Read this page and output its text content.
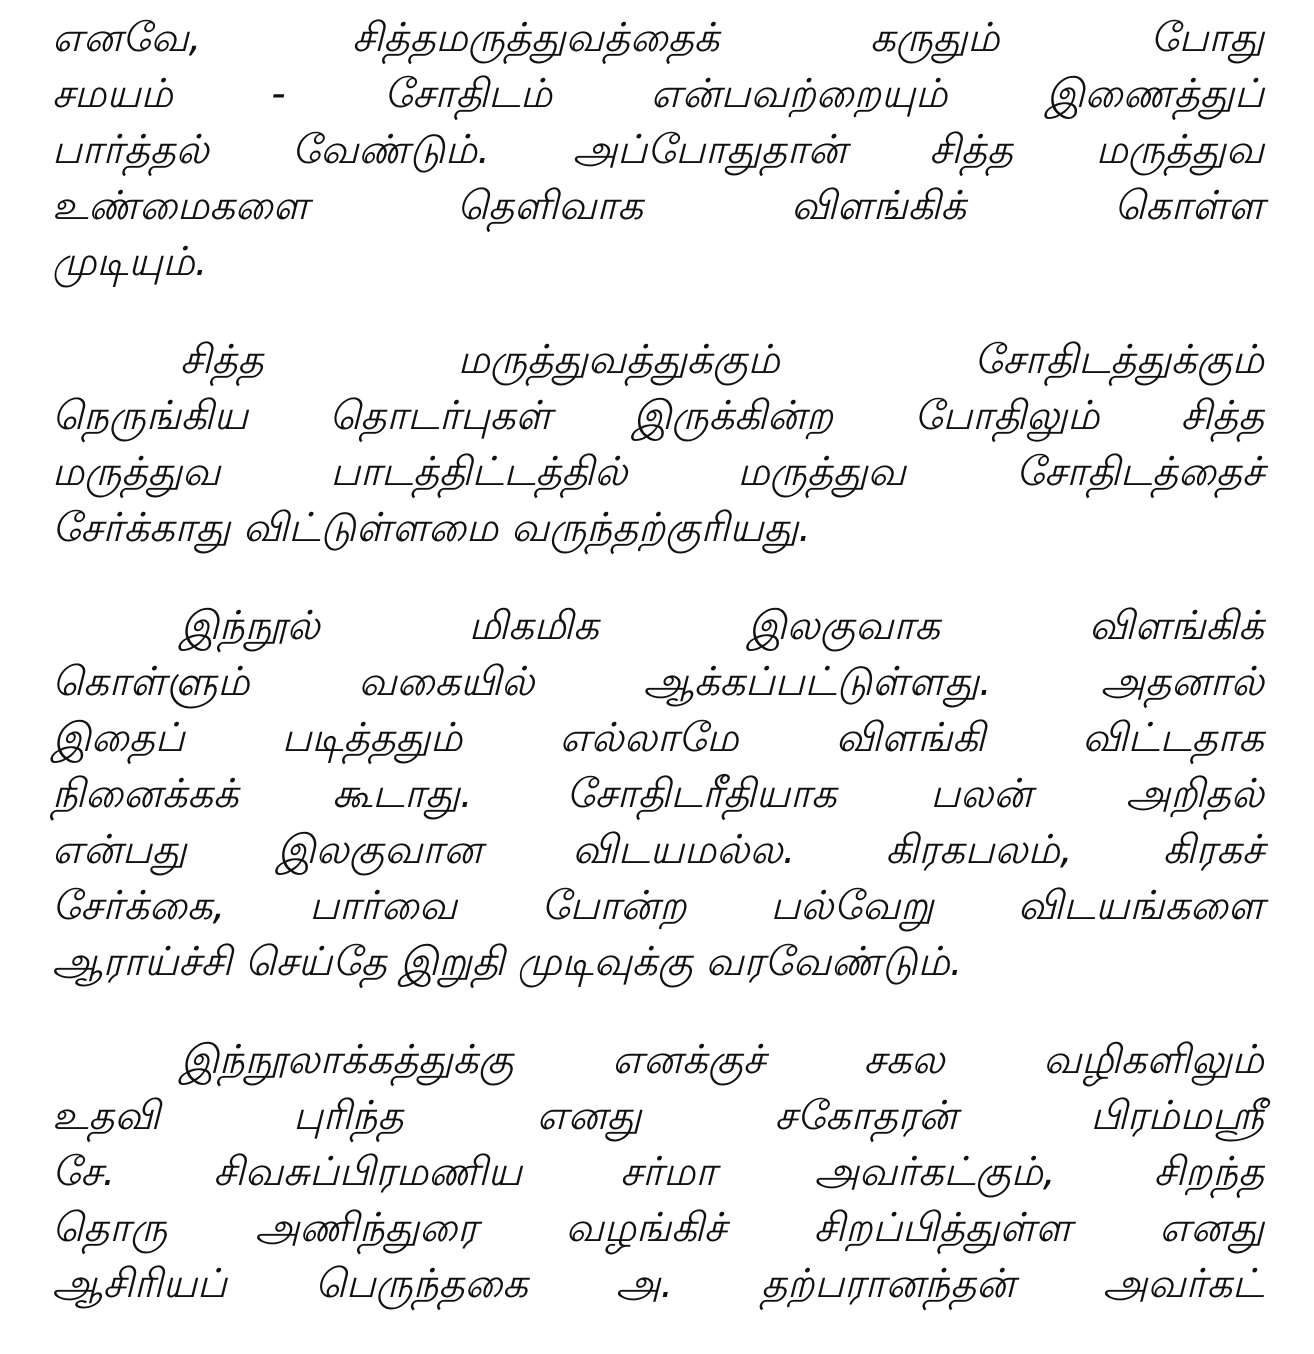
எனவே, சித்தமருத்துவத்தைக் கருதும் போது
சமயம் - சோதிடம் என்பவற்றையும் இணைத்துப்
பார்த்தல் வேண்டும். அப்போதுதான் சித்த மருத்துவ
உண்மைகளை தெளிவாக விளங்கிக் கொள்ள
முடியும்.
சித்த மருத்துவத்துக்கும் சோதிடத்துக்கும்
நெருங்கிய தொடர்புகள் இருக்கின்ற போதிலும் சித்த
மருத்துவ பாடத்திட்டத்தில் மருத்துவ சோதிடத்தைச்
சேர்க்காது விட்டுள்ளமை வருந்தற்குரியது.
இந்நூல் மிகமிக இலகுவாக விளங்கிக்
கொள்ளும் வகையில் ஆக்கப்பட்டுள்ளது. அதனால்
இதைப் படித்ததும் எல்லாமே விளங்கி விட்டதாக
நினைக்கக் கூடாது. சோதிடரீதியாக பலன் அறிதல்
என்பது இலகுவான விடயமல்ல. கிரகபலம், கிரகச்
சேர்க்கை, பார்வை போன்ற பல்வேறு விடயங்களை
ஆராய்ச்சி செய்தே இறுதி முடிவுக்கு வரவேண்டும்.
இந்நூலாக்கத்துக்கு எனக்குச் சகல வழிகளிலும்
உதவி புரிந்த எனது சகோதரன் பிரம்மஸ்ரீ
சே. சிவசுப்பிரமணிய சர்மா அவர்கட்கும், சிறந்த
தொரு அணிந்துரை வழங்கிச் சிறப்பித்துள்ள எனது
ஆசிரியப் பெருந்தகை அ. தற்பரானந்தன் அவர்கட்
